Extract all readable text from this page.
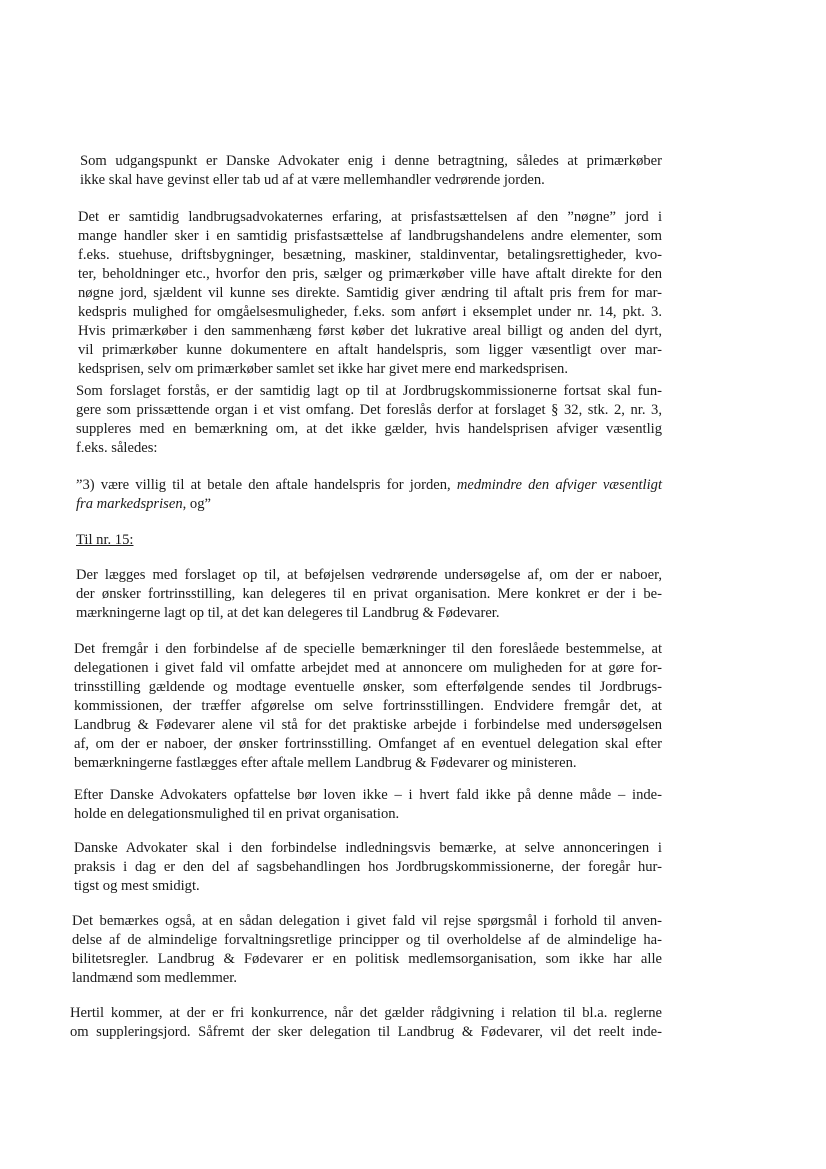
Som udgangspunkt er Danske Advokater enig i denne betragtning, således at primærkøber
ikke skal have gevinst eller tab ud af at være mellemhandler vedrørende jorden.
Det er samtidig landbrugsadvokaternes erfaring, at prisfastsættelsen af den ”nøgne” jord i
mange handler sker i en samtidig prisfastsættelse af landbrugshandelens andre elementer, som
f.eks. stuehuse, driftsbygninger, besætning, maskiner, staldinventar, betalingsrettigheder, kvo-
ter, beholdninger etc., hvorfor den pris, sælger og primærkøber ville have aftalt direkte for den
nøgne jord, sjældent vil kunne ses direkte. Samtidig giver ændring til aftalt pris frem for mar-
kedspris mulighed for omgåelsesmuligheder, f.eks. som anført i eksemplet under nr. 14, pkt. 3.
Hvis primærkøber i den sammenhæng først køber det lukrative areal billigt og anden del dyrt,
vil primærkøber kunne dokumentere en aftalt handelspris, som ligger væsentligt over mar-
kedsprisen, selv om primærkøber samlet set ikke har givet mere end markedsprisen.
Som forslaget forstås, er der samtidig lagt op til at Jordbrugskommissionerne fortsat skal fun-
gere som prissættende organ i et vist omfang. Det foreslås derfor at forslaget § 32, stk. 2, nr. 3,
suppleres med en bemærkning om, at det ikke gælder, hvis handelsprisen afviger væsentlig
f.eks. således:
”3) være villig til at betale den aftale handelspris for jorden, medmindre den afviger væsentligt
fra markedsprisen, og”
Til nr. 15:
Der lægges med forslaget op til, at beføjelsen vedrørende undersøgelse af, om der er naboer,
der ønsker fortrinsstilling, kan delegeres til en privat organisation. Mere konkret er der i be-
mærkningerne lagt op til, at det kan delegeres til Landbrug & Fødevarer.
Det fremgår i den forbindelse af de specielle bemærkninger til den foreslåede bestemmelse, at
delegationen i givet fald vil omfatte arbejdet med at annoncere om muligheden for at gøre for-
trinsstilling gældende og modtage eventuelle ønsker, som efterfølgende sendes til Jordbrugs-
kommissionen, der træffer afgørelse om selve fortrinsstillingen. Endvidere fremgår det, at
Landbrug & Fødevarer alene vil stå for det praktiske arbejde i forbindelse med undersøgelsen
af, om der er naboer, der ønsker fortrinsstilling. Omfanget af en eventuel delegation skal efter
bemærkningerne fastlægges efter aftale mellem Landbrug & Fødevarer og ministeren.
Efter Danske Advokaters opfattelse bør loven ikke – i hvert fald ikke på denne måde – inde-
holde en delegationsmulighed til en privat organisation.
Danske Advokater skal i den forbindelse indledningsvis bemærke, at selve annonceringen i
praksis i dag er den del af sagsbehandlingen hos Jordbrugskommissionerne, der foregår hur-
tigst og mest smidigt.
Det bemærkes også, at en sådan delegation i givet fald vil rejse spørgsmål i forhold til anven-
delse af de almindelige forvaltningsretlige principper og til overholdelse af de almindelige ha-
bilitetsregler. Landbrug & Fødevarer er en politisk medlemsorganisation, som ikke har alle
landmænd som medlemmer.
Hertil kommer, at der er fri konkurrence, når det gælder rådgivning i relation til bl.a. reglerne
om suppleringsjord. Såfremt der sker delegation til Landbrug & Fødevarer, vil det reelt inde-
